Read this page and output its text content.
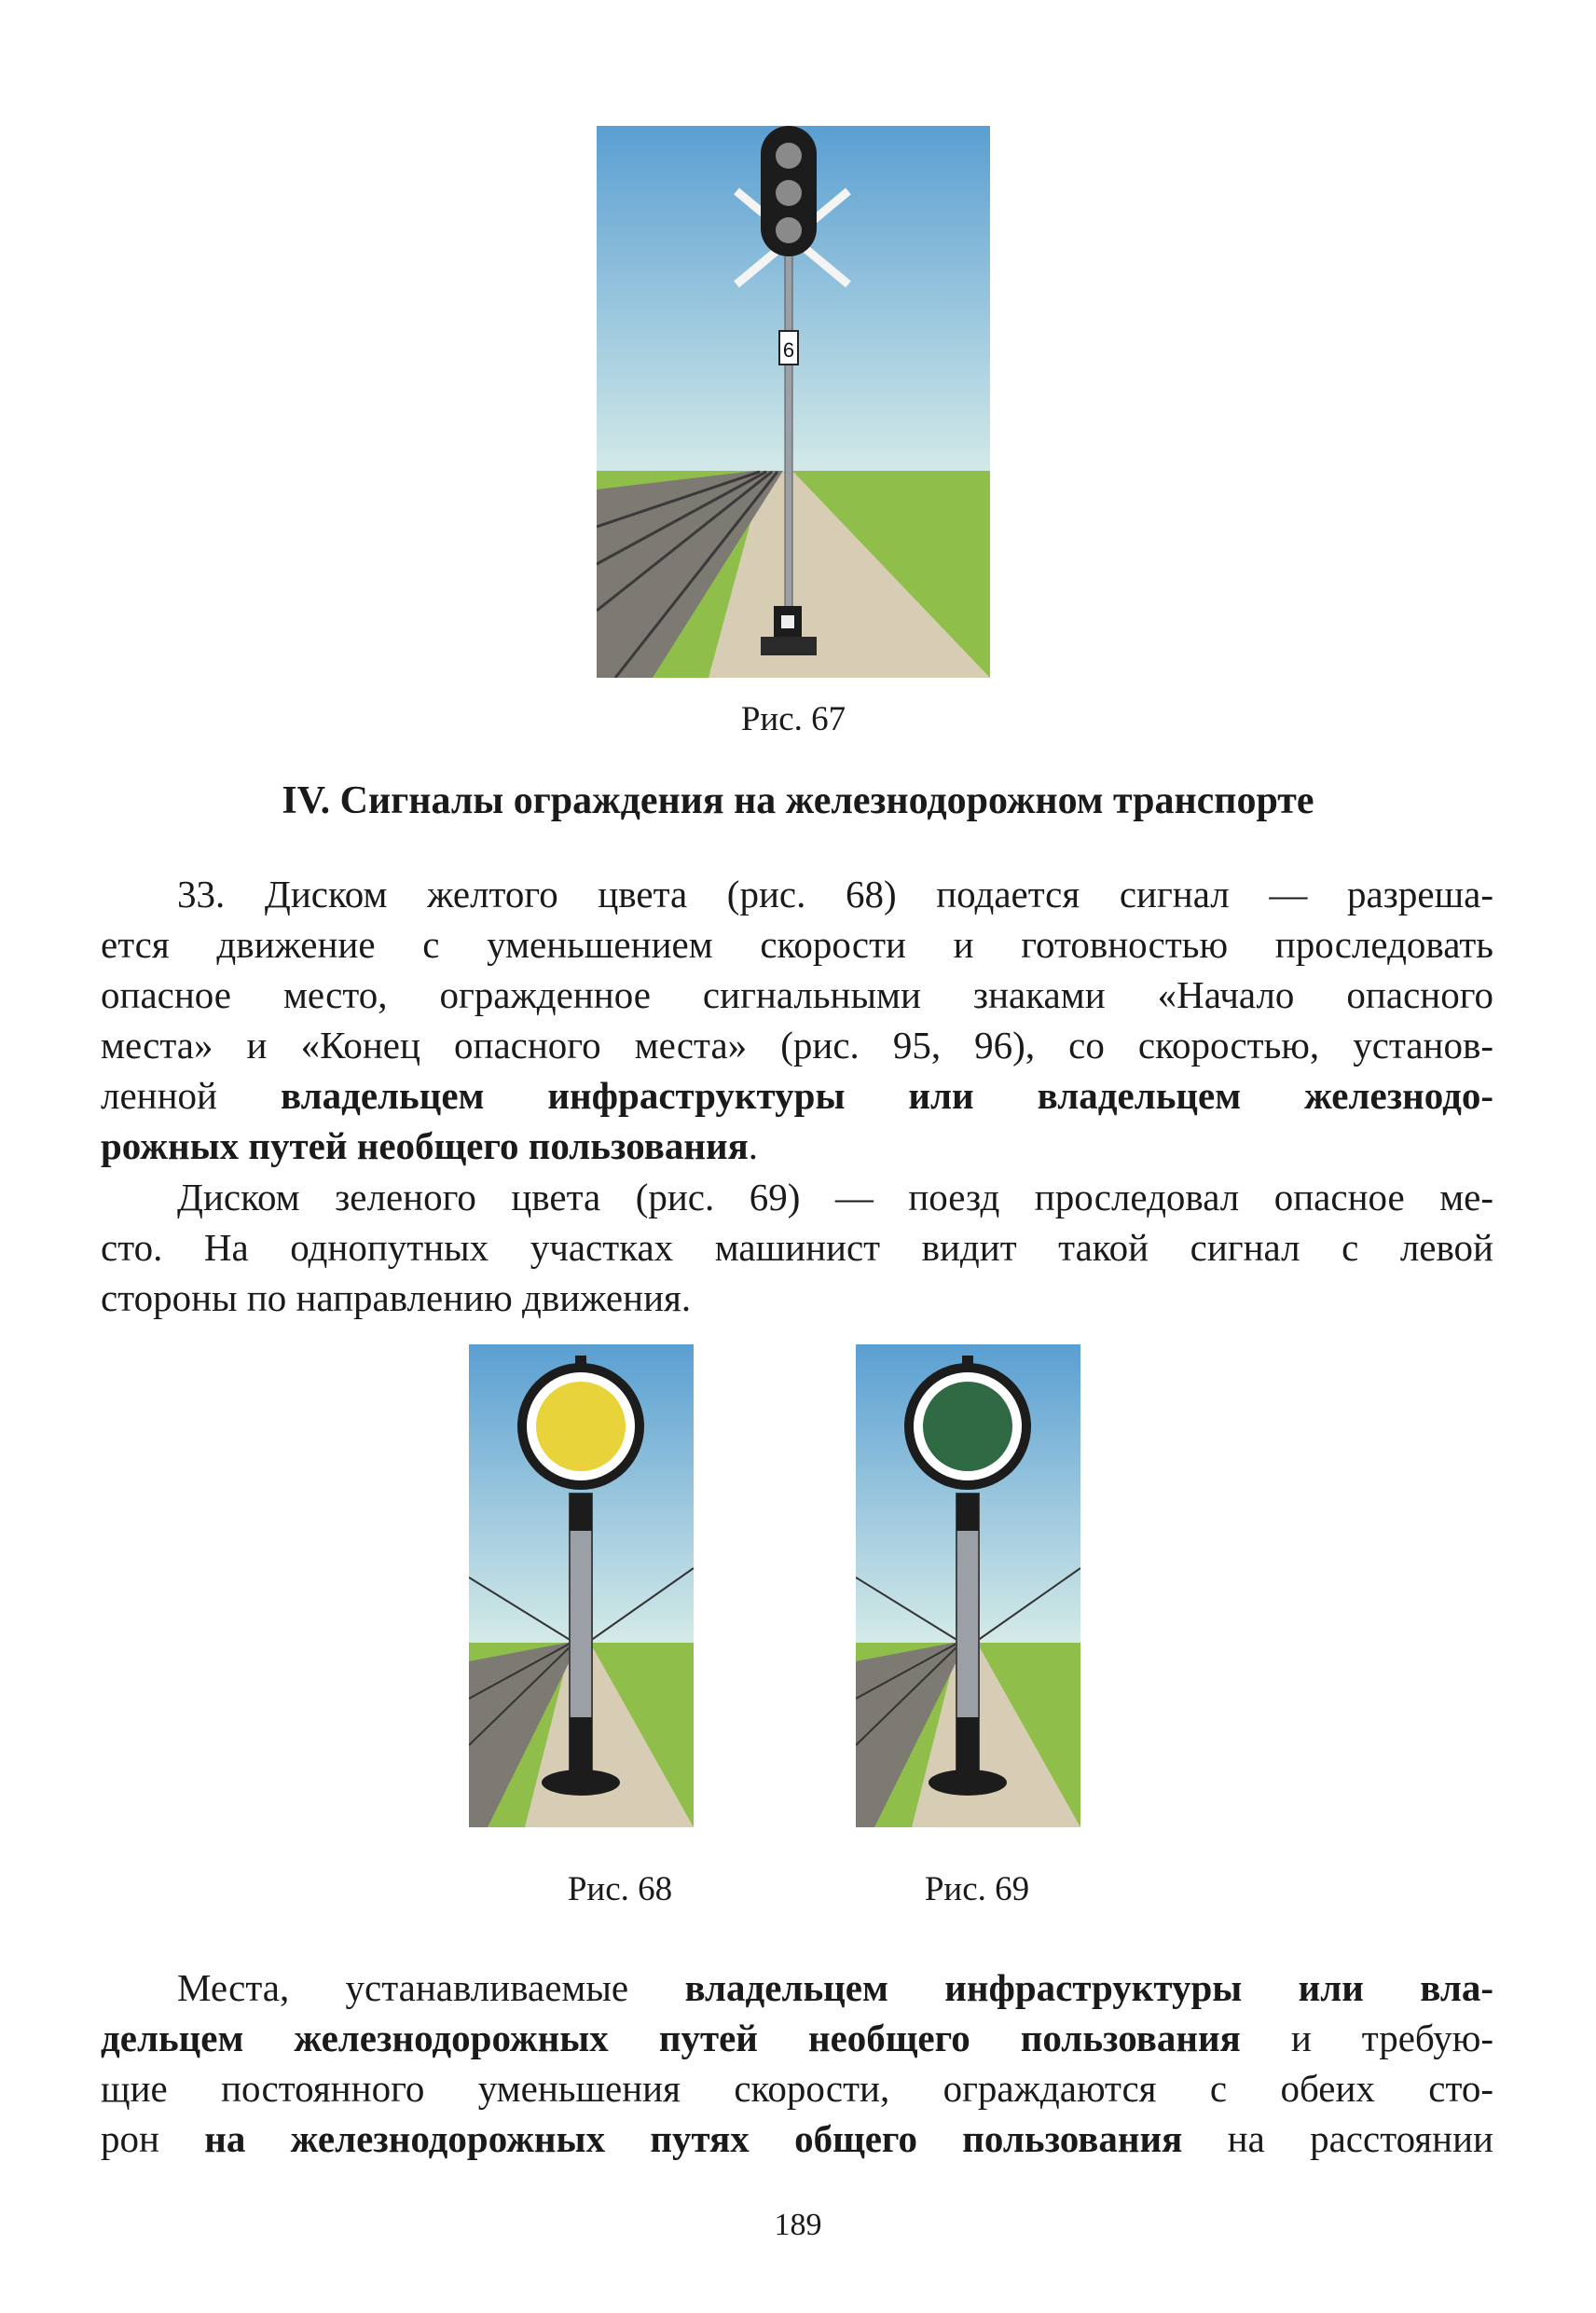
6
Рис. 67
IV. Сигналы ограждения на железнодорожном транспорте
33. Диском желтого цвета (рис. 68) подается сигнал — разреша-
ется движение с уменьшением скорости и готовностью проследовать
опасное место, огражденное сигнальными знаками «Начало опасного
места» и «Конец опасного места» (рис. 95, 96), со скоростью, установ-
ленной владельцем инфраструктуры или владельцем железнодо-
рожных путей необщего пользования.
Диском зеленого цвета (рис. 69) — поезд проследовал опасное ме-
сто. На однопутных участках машинист видит такой сигнал с левой
стороны по направлению движения.
Рис. 68	Рис. 69
Места, устанавливаемые владельцем инфраструктуры или вла-
дельцем железнодорожных путей необщего пользования и требую-
щие постоянного уменьшения скорости, ограждаются с обеих сто-
рон на железнодорожных путях общего пользования на расстоянии
189
